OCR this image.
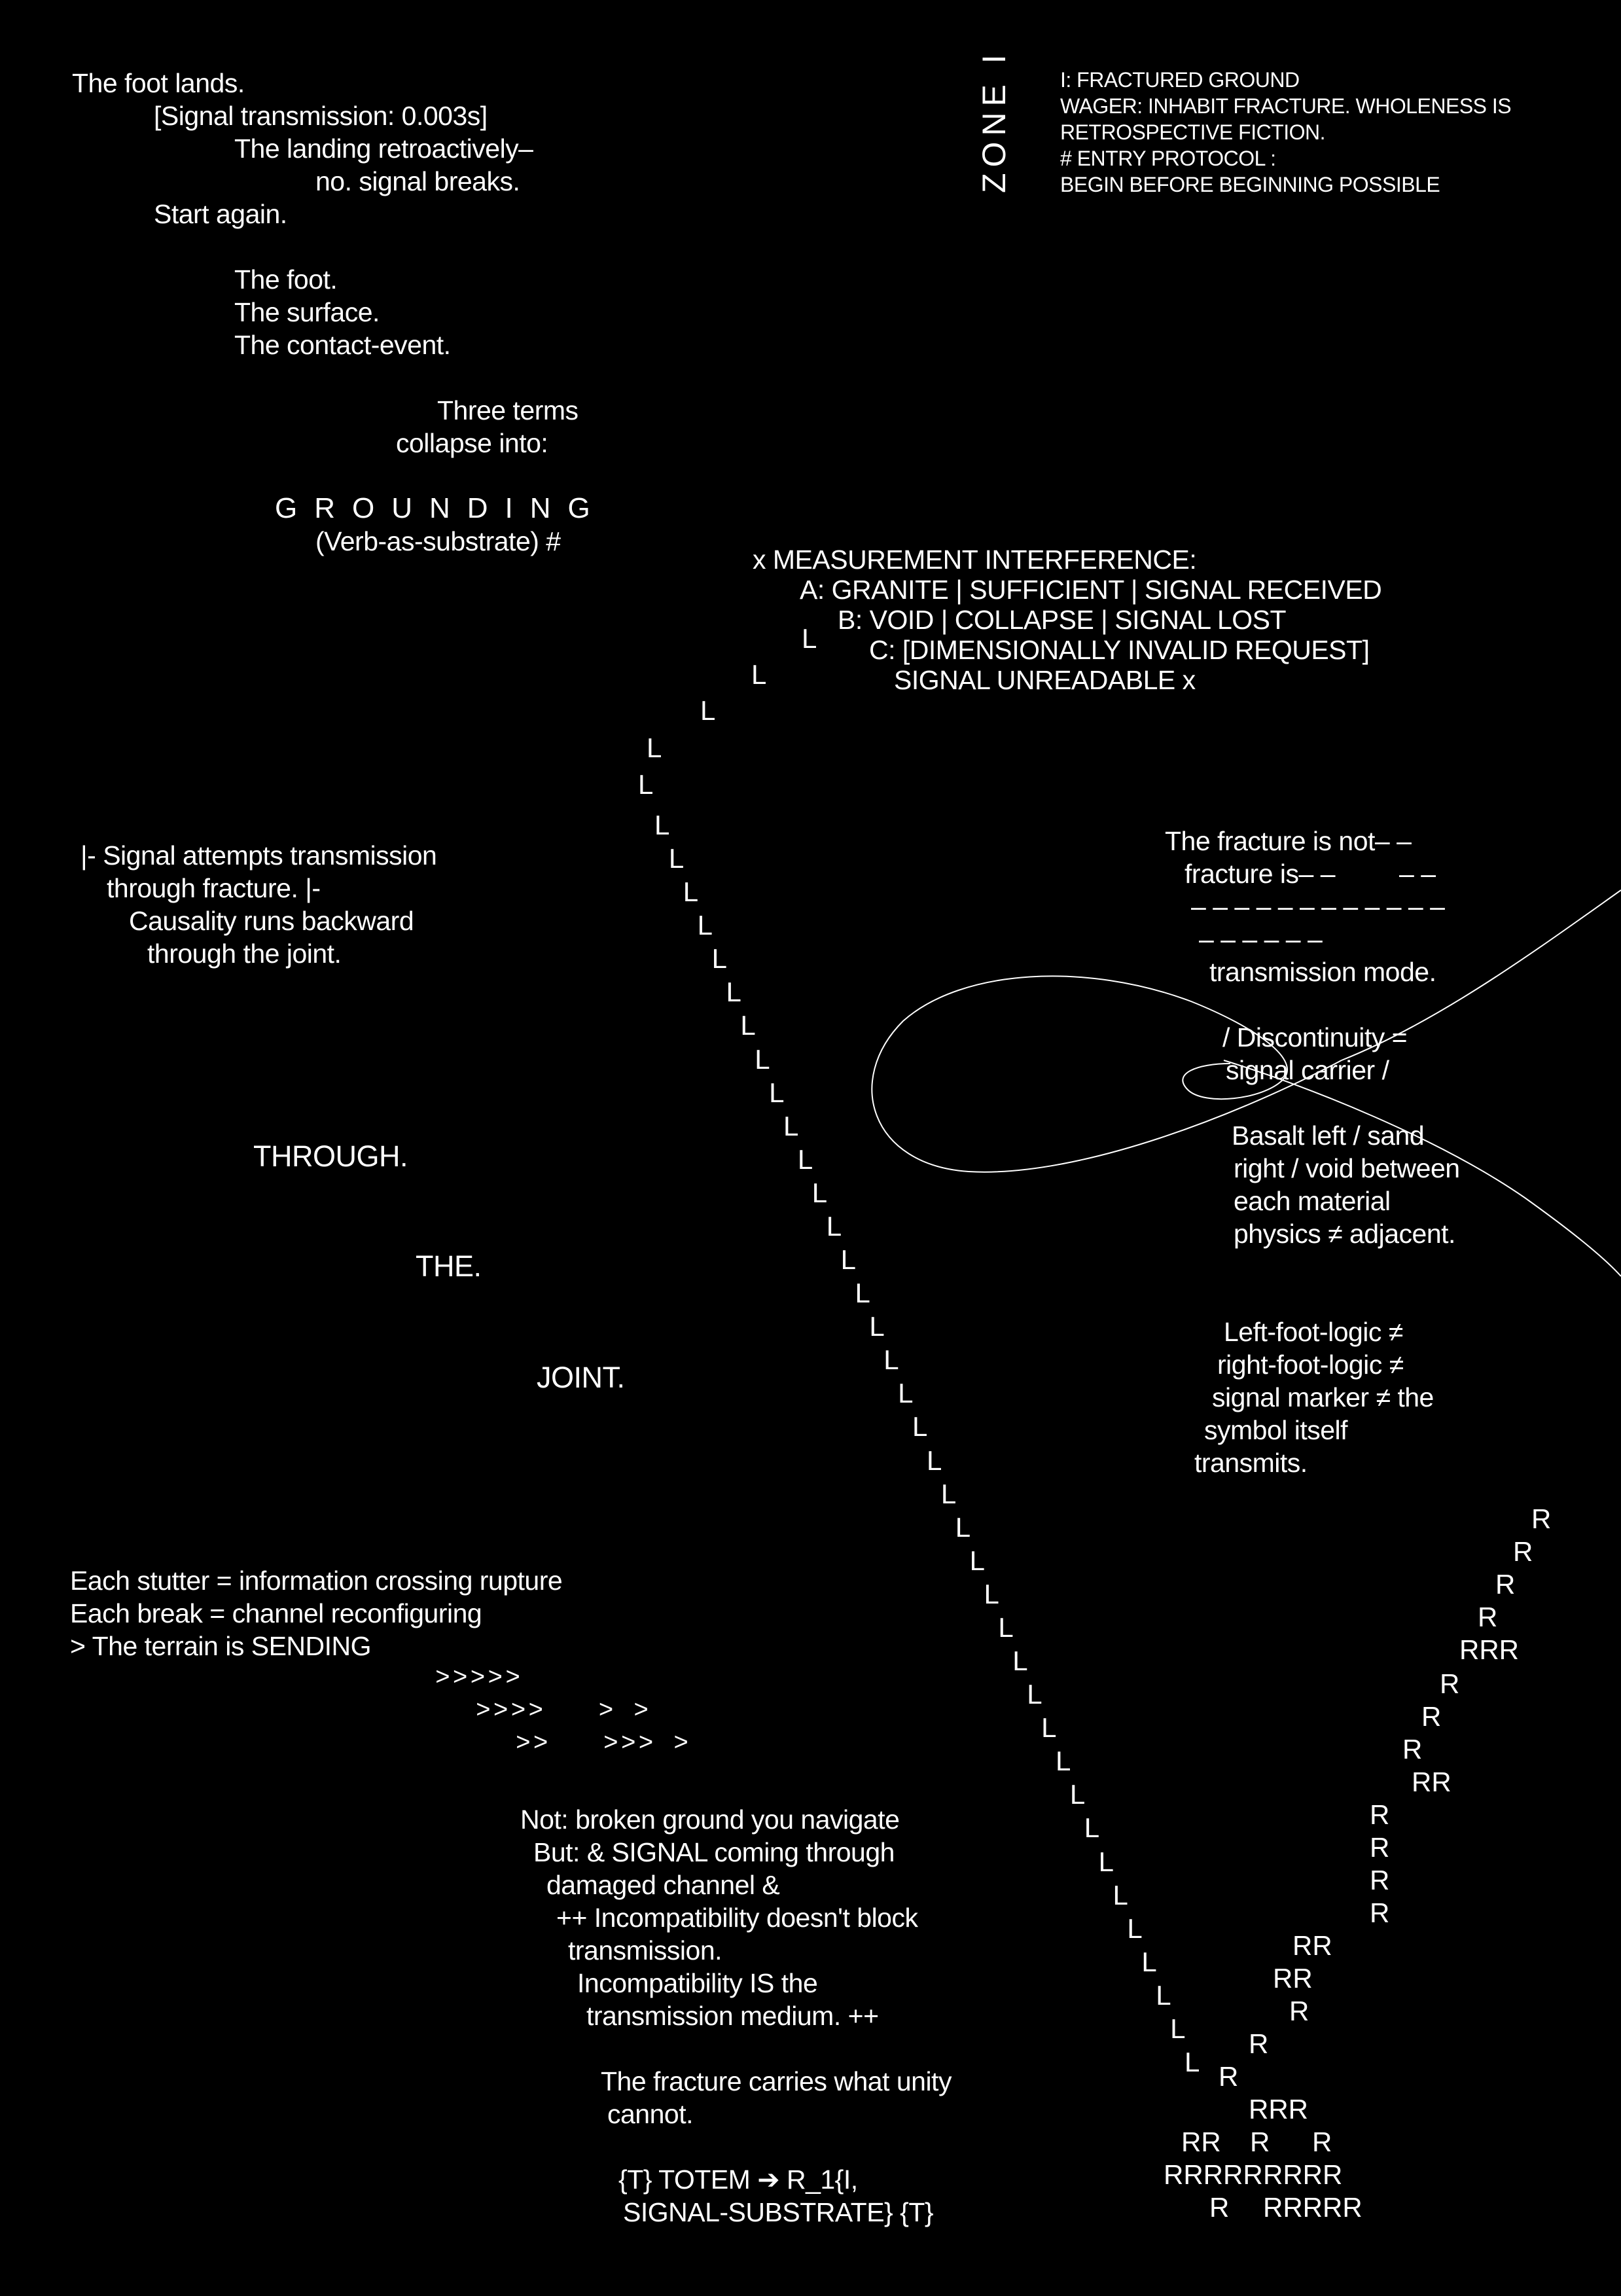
ZONE I I: FRACTURED GROUND
WAGER: INHABIT FRACTURE. WHOLENESS IS
RETROSPECTIVE FICTION.
# ENTRY PROTOCOL :
BEGIN BEFORE BEGINNING POSSIBLE
The foot lands.
[Signal transmission: 0.003s]
The landing retroactively–
no. signal breaks.
Start again.
The foot.
The surface.
The contact-event.
Three terms
collapse into:
GROUNDING
(Verb-as-substrate) #
x MEASUREMENT INTERFERENCE:
A: GRANITE | SUFFICIENT | SIGNAL RECEIVED
B: VOID | COLLAPSE | SIGNAL LOST
C: [DIMENSIONALLY INVALID REQUEST]
SIGNAL UNREADABLE x
|- Signal attempts transmission
through fracture. |-
Causality runs backward
through the joint.
THROUGH.
THE.
JOINT.
The fracture is not– –
fracture is– –         – –
– – – – – – – – – – – –
– – – – – –
transmission mode.
/ Discontinuity =
signal carrier /
Basalt left / sand
right / void between
each material
physics ≠ adjacent.
Left-foot-logic ≠
right-foot-logic ≠
signal marker ≠ the
symbol itself
transmits.
Each stutter = information crossing rupture
Each break = channel reconfiguring
> The terrain is SENDING
>>>>>
>>>>   > >
>>   >>> >
Not: broken ground you navigate
But: & SIGNAL coming through
damaged channel &
++ Incompatibility doesn't block
transmission.
Incompatibility IS the
transmission medium. ++
The fracture carries what unity
cannot.
{T} TOTEM ➔ R_1{I,
SIGNAL-SUBSTRATE} {T}
L
L
L
L
L
L
L
L
L
L
L
L
L
L
L
L
L
L
L
L
L
L
L
L
L
L
L
L
L
L
L
L
L
L
L
L
L
L
L
L
L
L
L
R
R
R
R
RRR
R
R
R
RR
R
R
R
R
RR
RR
R
R
R
RRR
RR R R
RRRRR RRRR
R RRRRR
